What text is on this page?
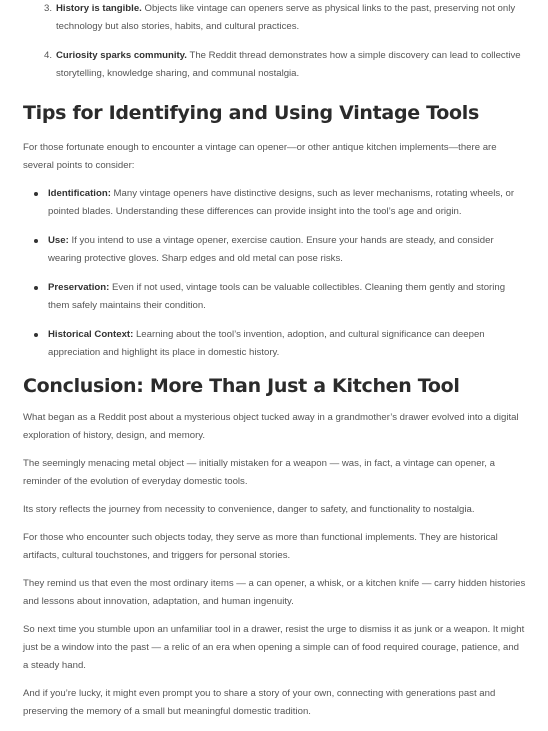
3. History is tangible. Objects like vintage can openers serve as physical links to the past, preserving not only technology but also stories, habits, and cultural practices.
4. Curiosity sparks community. The Reddit thread demonstrates how a simple discovery can lead to collective storytelling, knowledge sharing, and communal nostalgia.
Tips for Identifying and Using Vintage Tools

For those fortunate enough to encounter a vintage can opener—or other antique kitchen implements—there are several points to consider:

Identification: Many vintage openers have distinctive designs, such as lever mechanisms, rotating wheels, or pointed blades. Understanding these differences can provide insight into the tool’s age and origin.
Use: If you intend to use a vintage opener, exercise caution. Ensure your hands are steady, and consider wearing protective gloves. Sharp edges and old metal can pose risks.
Preservation: Even if not used, vintage tools can be valuable collectibles. Cleaning them gently and storing them safely maintains their condition.
Historical Context: Learning about the tool’s invention, adoption, and cultural significance can deepen appreciation and highlight its place in domestic history.
Conclusion: More Than Just a Kitchen Tool

What began as a Reddit post about a mysterious object tucked away in a grandmother’s drawer evolved into a digital exploration of history, design, and memory.

The seemingly menacing metal object — initially mistaken for a weapon — was, in fact, a vintage can opener, a reminder of the evolution of everyday domestic tools.

Its story reflects the journey from necessity to convenience, danger to safety, and functionality to nostalgia.

For those who encounter such objects today, they serve as more than functional implements. They are historical artifacts, cultural touchstones, and triggers for personal stories.

They remind us that even the most ordinary items — a can opener, a whisk, or a kitchen knife — carry hidden histories and lessons about innovation, adaptation, and human ingenuity.

So next time you stumble upon an unfamiliar tool in a drawer, resist the urge to dismiss it as junk or a weapon. It might just be a window into the past — a relic of an era when opening a simple can of food required courage, patience, and a steady hand.

And if you’re lucky, it might even prompt you to share a story of your own, connecting with generations past and preserving the memory of a small but meaningful domestic tradition.
